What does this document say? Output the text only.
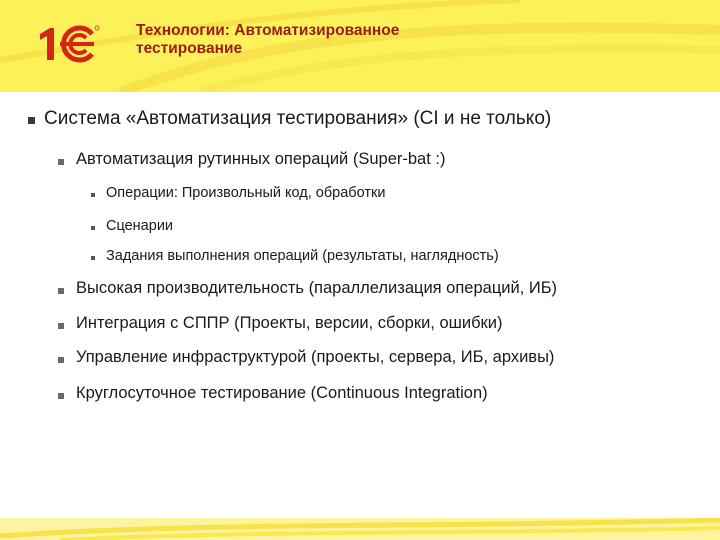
Технологии: Автоматизированное
тестирование
Система «Автоматизация тестирования» (CI и не только)
Автоматизация рутинных операций (Super-bat :)
Операции: Произвольный код, обработки
Сценарии
Задания выполнения операций (результаты, наглядность)
Высокая производительность (параллелизация операций, ИБ)
Интеграция с СППР (Проекты, версии, сборки, ошибки)
Управление инфраструктурой (проекты, сервера, ИБ, архивы)
Круглосуточное тестирование (Continuous Integration)
